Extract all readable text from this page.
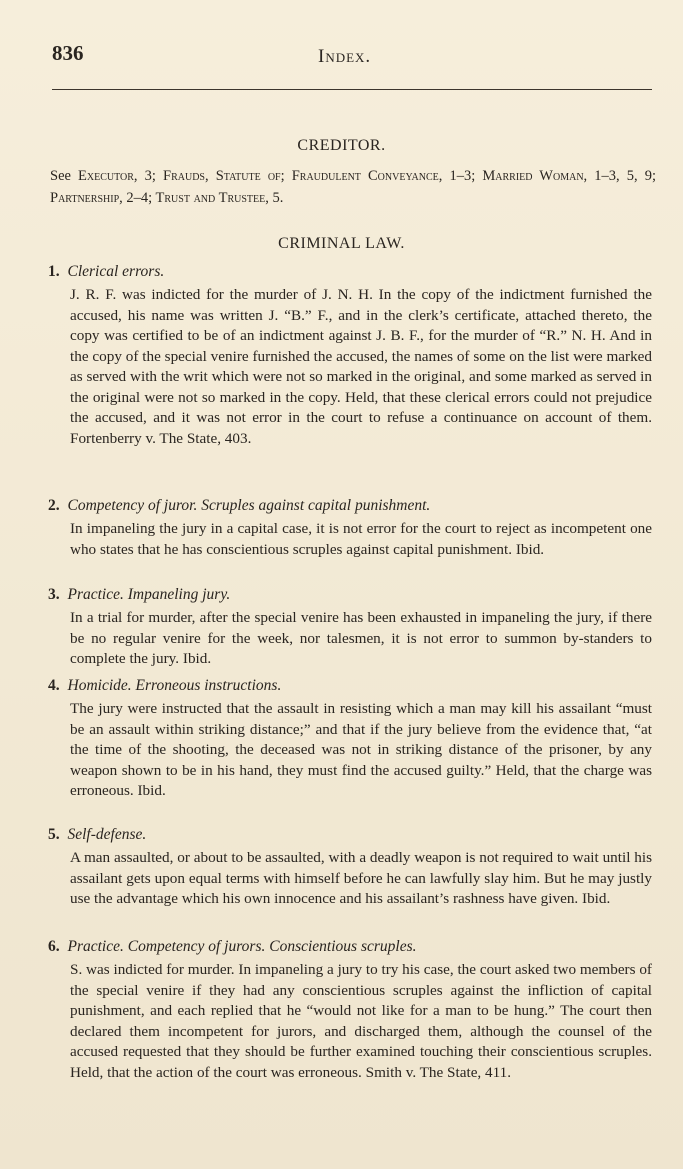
836	Index.
CREDITOR.
See Executor, 3; Frauds, Statute of; Fraudulent Conveyance, 1–3; Married Woman, 1–3, 5, 9; Partnership, 2–4; Trust and Trustee, 5.
CRIMINAL LAW.
1. Clerical errors.
J. R. F. was indicted for the murder of J. N. H. In the copy of the indictment furnished the accused, his name was written J. “B.” F., and in the clerk’s certificate, attached thereto, the copy was certified to be of an indictment against J. B. F., for the murder of “R.” N. H. And in the copy of the special venire furnished the accused, the names of some on the list were marked as served with the writ which were not so marked in the original, and some marked as served in the original were not so marked in the copy. Held, that these clerical errors could not prejudice the accused, and it was not error in the court to refuse a continuance on account of them. Fortenberry v. The State, 403.
2. Competency of juror. Scruples against capital punishment.
In impaneling the jury in a capital case, it is not error for the court to reject as incompetent one who states that he has conscientious scruples against capital punishment. Ibid.
3. Practice. Impaneling jury.
In a trial for murder, after the special venire has been exhausted in impaneling the jury, if there be no regular venire for the week, nor talesmen, it is not error to summon by-standers to complete the jury. Ibid.
4. Homicide. Erroneous instructions.
The jury were instructed that the assault in resisting which a man may kill his assailant “must be an assault within striking distance;” and that if the jury believe from the evidence that, “at the time of the shooting, the deceased was not in striking distance of the prisoner, by any weapon shown to be in his hand, they must find the accused guilty.” Held, that the charge was erroneous. Ibid.
5. Self-defense.
A man assaulted, or about to be assaulted, with a deadly weapon is not required to wait until his assailant gets upon equal terms with himself before he can lawfully slay him. But he may justly use the advantage which his own innocence and his assailant’s rashness have given. Ibid.
6. Practice. Competency of jurors. Conscientious scruples.
S. was indicted for murder. In impaneling a jury to try his case, the court asked two members of the special venire if they had any conscientious scruples against the infliction of capital punishment, and each replied that he “would not like for a man to be hung.” The court then declared them incompetent for jurors, and discharged them, although the counsel of the accused requested that they should be further examined touching their conscientious scruples. Held, that the action of the court was erroneous. Smith v. The State, 411.
